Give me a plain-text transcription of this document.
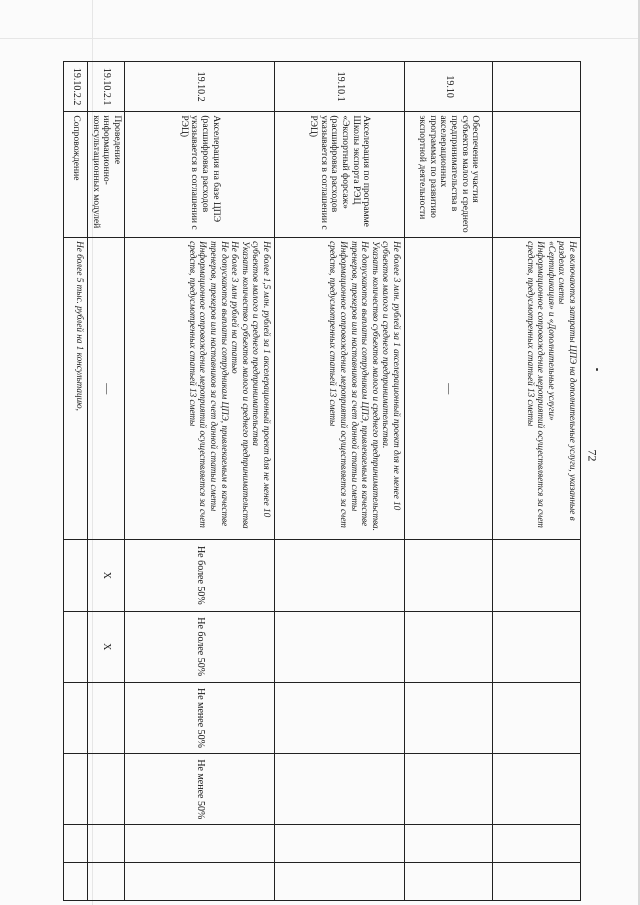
72

		Не включаются затраты ЦПЭ на дополнительные услуги, указанные в разделах сметы
«Сертификация» и «Дополнительные услуги»
Информационное сопровождение мероприятий осуществляется за счет средств, предусмотренных статьей 13 сметы						

19.10	Обеспечение участия субъектов малого и среднего предпринимательства в акселерационных программах по развитию экспортной деятельности	—						

19.10.1	Акселерация по программе Школы экспорта РЭЦ «Экспортный форсаж» (расшифровка расходов указывается в соглашении с РЭЦ)	Не более 3 млн. рублей за 1 акселерационный проект для не менее 10 субъектов малого и среднего предпринимательства.
Указать количество субъектов малого и среднего предпринимательства.
Не допускаются выплаты сотрудникам ЦПЭ, привлекаемым в качестве тренеров, трекеров или наставников за счет данной статьи сметы
Информационное сопровождение мероприятий осуществляется за счет средств, предусмотренных статьей 13 сметы						

19.10.2	Акселерация на базе ЦПЭ (расшифровка расходов указывается в соглашении с РЭЦ)	Не более 1,5 млн. рублей за 1 акселерационный проект для не менее 10 субъектов малого и среднего предпринимательства
Указать количество субъектов малого и среднего предпринимательства
Не более 3 млн рублей на статью
Не допускаются выплаты сотрудникам ЦПЭ, привлекаемым в качестве тренеров, трекеров или наставников за счет данной статьи сметы
Информационное сопровождение мероприятий осуществляется за счет средств, предусмотренных статьей 13 сметы	Не более 50%	Не более 50%	Не менее 50%	Не менее 50%		
19.10.2.1	Проведение информационно-консультационных модулей	—	X	X				
19.10.2.2	Сопровождение	Не более 5 тыс. рублей на 1 консультацию,						
